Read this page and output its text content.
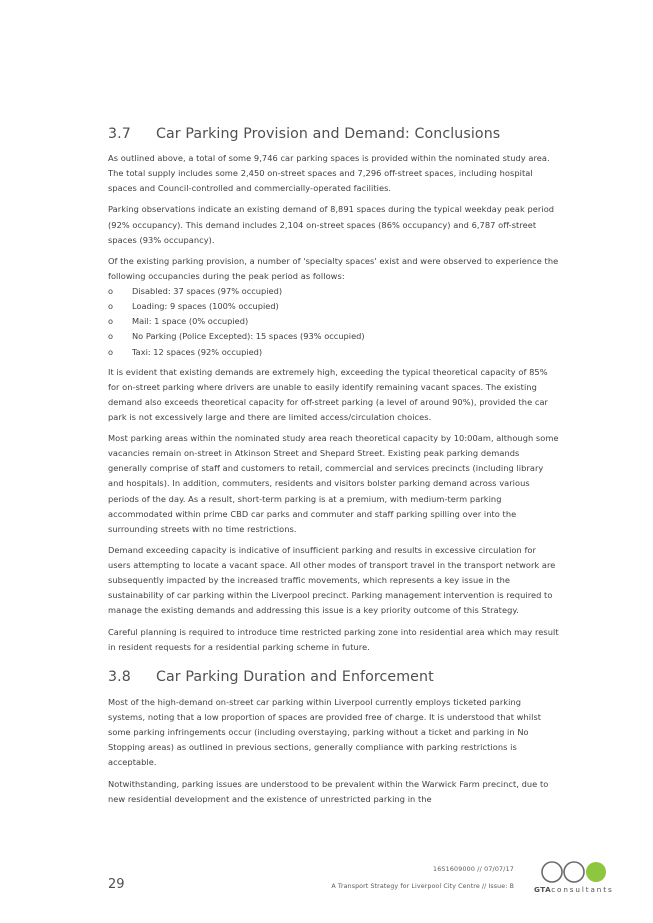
3.7	Car Parking Provision and Demand: Conclusions

As outlined above, a total of some 9,746 car parking spaces is provided within the nominated study area. The total supply includes some 2,450 on-street spaces and 7,296 off-street spaces, including hospital spaces and Council-controlled and commercially-operated facilities.

Parking observations indicate an existing demand of 8,891 spaces during the typical weekday peak period (92% occupancy). This demand includes 2,104 on-street spaces (86% occupancy) and 6,787 off-street spaces (93% occupancy).

Of the existing parking provision, a number of 'specialty spaces' exist and were observed to experience the following occupancies during the peak period as follows:

o	Disabled: 37 spaces (97% occupied)
o	Loading: 9 spaces (100% occupied)
o	Mail: 1 space (0% occupied)
o	No Parking (Police Excepted): 15 spaces (93% occupied)
o	Taxi: 12 spaces (92% occupied)

It is evident that existing demands are extremely high, exceeding the typical theoretical capacity of 85% for on-street parking where drivers are unable to easily identify remaining vacant spaces. The existing demand also exceeds theoretical capacity for off-street parking (a level of around 90%), provided the car park is not excessively large and there are limited access/circulation choices.

Most parking areas within the nominated study area reach theoretical capacity by 10:00am, although some vacancies remain on-street in Atkinson Street and Shepard Street. Existing peak parking demands generally comprise of staff and customers to retail, commercial and services precincts (including library and hospitals). In addition, commuters, residents and visitors bolster parking demand across various periods of the day. As a result, short-term parking is at a premium, with medium-term parking accommodated within prime CBD car parks and commuter and staff parking spilling over into the surrounding streets with no time restrictions.

Demand exceeding capacity is indicative of insufficient parking and results in excessive circulation for users attempting to locate a vacant space. All other modes of transport travel in the transport network are subsequently impacted by the increased traffic movements, which represents a key issue in the sustainability of car parking within the Liverpool precinct. Parking management intervention is required to manage the existing demands and addressing this issue is a key priority outcome of this Strategy.

Careful planning is required to introduce time restricted parking zone into residential area which may result in resident requests for a residential parking scheme in future.

3.8	Car Parking Duration and Enforcement

Most of the high-demand on-street car parking within Liverpool currently employs ticketed parking systems, noting that a low proportion of spaces are provided free of charge. It is understood that whilst some parking infringements occur (including overstaying, parking without a ticket and parking in No Stopping areas) as outlined in previous sections, generally compliance with parking restrictions is acceptable.

Notwithstanding, parking issues are understood to be prevalent within the Warwick Farm precinct, due to new residential development and the existence of unrestricted parking in the

29
16S1609000 // 07/07/17
A Transport Strategy for Liverpool City Centre // Issue: B	GTAconsultants
